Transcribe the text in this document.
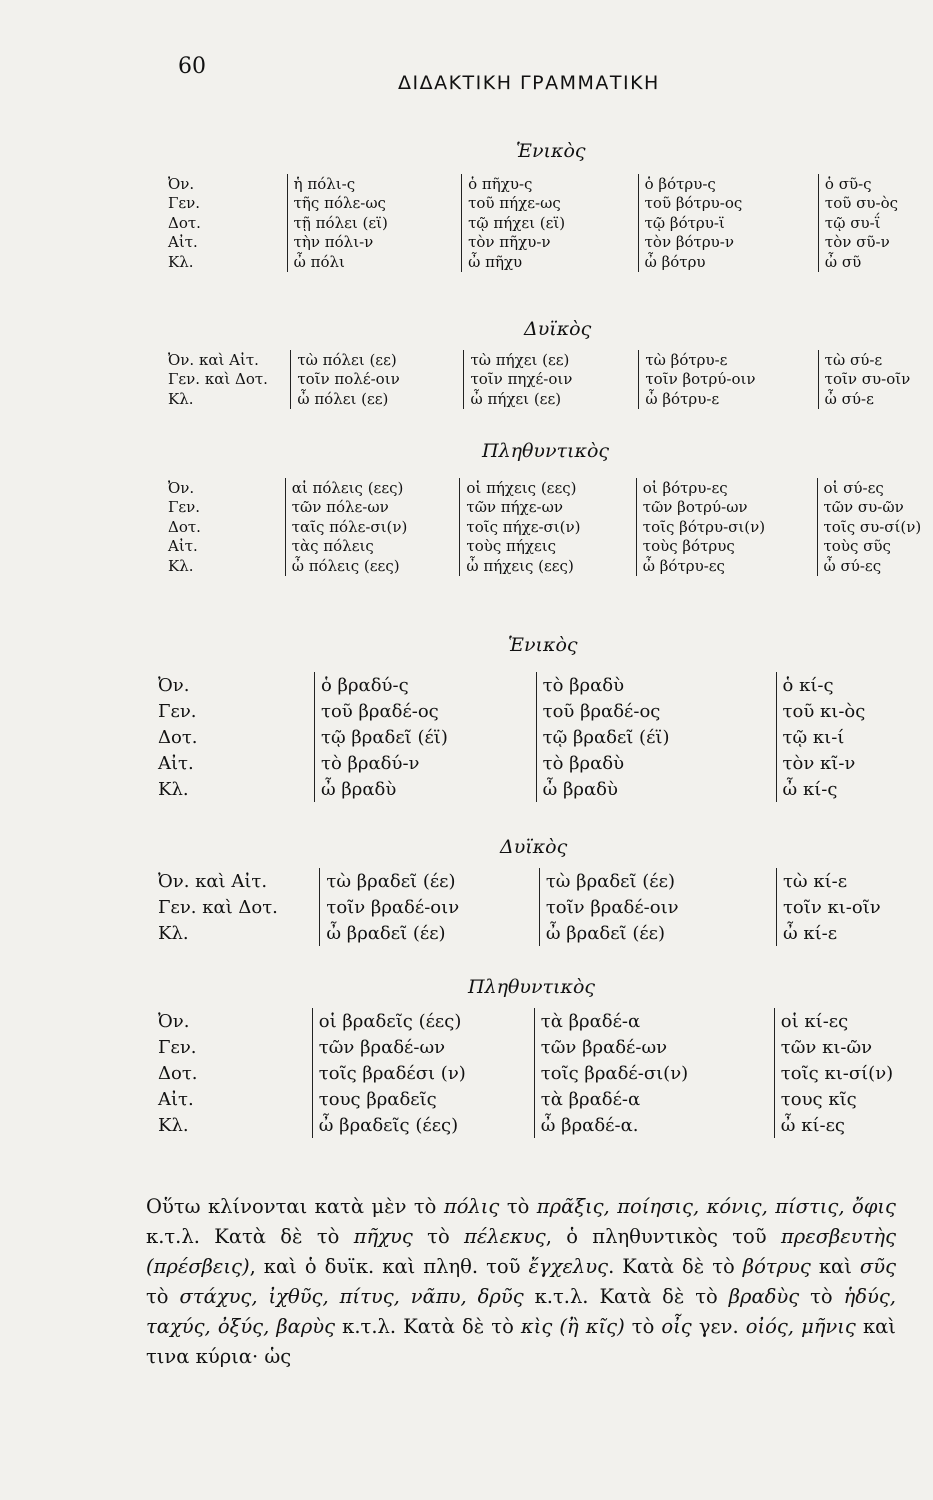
60
ΔΙΔΑΚΤΙΚΗ ΓΡΑΜΜΑΤΙΚΗ
Ἑνικὸς
Ὀν.	ἡ πόλι-ς	ὁ πῆχυ-ς	ὁ βότρυ-ς	ὁ σῦ-ς
Γεν.	τῆς πόλε-ως	τοῦ πήχε-ως	τοῦ βότρυ-ος	τοῦ συ-ὸς
Δοτ.	τῇ πόλει (εϊ)	τῷ πήχει (εϊ)	τῷ βότρυ-ϊ	τῷ συ-ΐ
Αἰτ.	τὴν πόλι-ν	τὸν πῆχυ-ν	τὸν βότρυ-ν	τὸν σῦ-ν
Κλ.	ὦ πόλι	ὦ πῆχυ	ὦ βότρυ	ὦ σῦ
Δυϊκὸς
Ὀν. καὶ Αἰτ.	τὼ πόλει (εε)	τὼ πήχει (εε)	τὼ βότρυ-ε	τὼ σύ-ε
Γεν. καὶ Δοτ.	τοῖν πολέ-οιν	τοῖν πηχέ-οιν	τοῖν βοτρύ-οιν	τοῖν συ-οῖν
Κλ.	ὦ πόλει (εε)	ὦ πήχει (εε)	ὦ βότρυ-ε	ὦ σύ-ε
Πληθυντικὸς
Ὀν.	αἱ πόλεις (εες)	οἱ πήχεις (εες)	οἱ βότρυ-ες	οἱ σύ-ες
Γεν.	τῶν πόλε-ων	τῶν πήχε-ων	τῶν βοτρύ-ων	τῶν συ-ῶν
Δοτ.	ταῖς πόλε-σι(ν)	τοῖς πήχε-σι(ν)	τοῖς βότρυ-σι(ν)	τοῖς συ-σί(ν)
Αἰτ.	τὰς πόλεις	τοὺς πήχεις	τοὺς βότρυς	τοὺς σῦς
Κλ.	ὦ πόλεις (εες)	ὦ πήχεις (εες)	ὦ βότρυ-ες	ὦ σύ-ες
Ἑνικὸς
Ὀν.	ὁ βραδύ-ς	τὸ βραδὺ	ὁ κί-ς
Γεν.	τοῦ βραδέ-ος	τοῦ βραδέ-ος	τοῦ κι-ὸς
Δοτ.	τῷ βραδεῖ (έϊ)	τῷ βραδεῖ (έϊ)	τῷ κι-ί
Αἰτ.	τὸ βραδύ-ν	τὸ βραδὺ	τὸν κῖ-ν
Κλ.	ὦ βραδὺ	ὦ βραδὺ	ὦ κί-ς
Δυϊκὸς
Ὀν. καὶ Αἰτ.	τὼ βραδεῖ (έε)	τὼ βραδεῖ (έε)	τὼ κί-ε
Γεν. καὶ Δοτ.	τοῖν βραδέ-οιν	τοῖν βραδέ-οιν	τοῖν κι-οῖν
Κλ.	ὦ βραδεῖ (έε)	ὦ βραδεῖ (έε)	ὦ κί-ε
Πληθυντικὸς
Ὀν.	οἱ βραδεῖς (έες)	τὰ βραδέ-α	οἱ κί-ες
Γεν.	τῶν βραδέ-ων	τῶν βραδέ-ων	τῶν κι-ῶν
Δοτ.	τοῖς βραδέσι (ν)	τοῖς βραδέ-σι(ν)	τοῖς κι-σί(ν)
Αἰτ.	τους βραδεῖς	τὰ βραδέ-α	τους κῖς
Κλ.	ὦ βραδεῖς (έες)	ὦ βραδέ-α.	ὦ κί-ες
Οὕτω κλίνονται κατὰ μὲν τὸ πόλις τὸ πρᾶξις, ποίησις, κόνις, πίστις, ὄφις κ.τ.λ. Κατὰ δὲ τὸ πῆχυς τὸ πέλεκυς, ὁ πληθυντικὸς τοῦ πρεσβευτὴς (πρέσβεις), καὶ ὁ δυϊκ. καὶ πληθ. τοῦ ἔγχελυς. Κατὰ δὲ τὸ βότρυς καὶ σῦς τὸ στάχυς, ἰχθῦς, πίτυς, νᾶπυ, δρῦς κ.τ.λ. Κατὰ δὲ τὸ βραδὺς τὸ ἡδύς, ταχύς, ὀξύς, βαρὺς κ.τ.λ. Κατὰ δὲ τὸ κὶς (ἢ κῖς) τὸ οἶς γεν. οἰός, μῆνις καὶ τινα κύρια· ὡς
